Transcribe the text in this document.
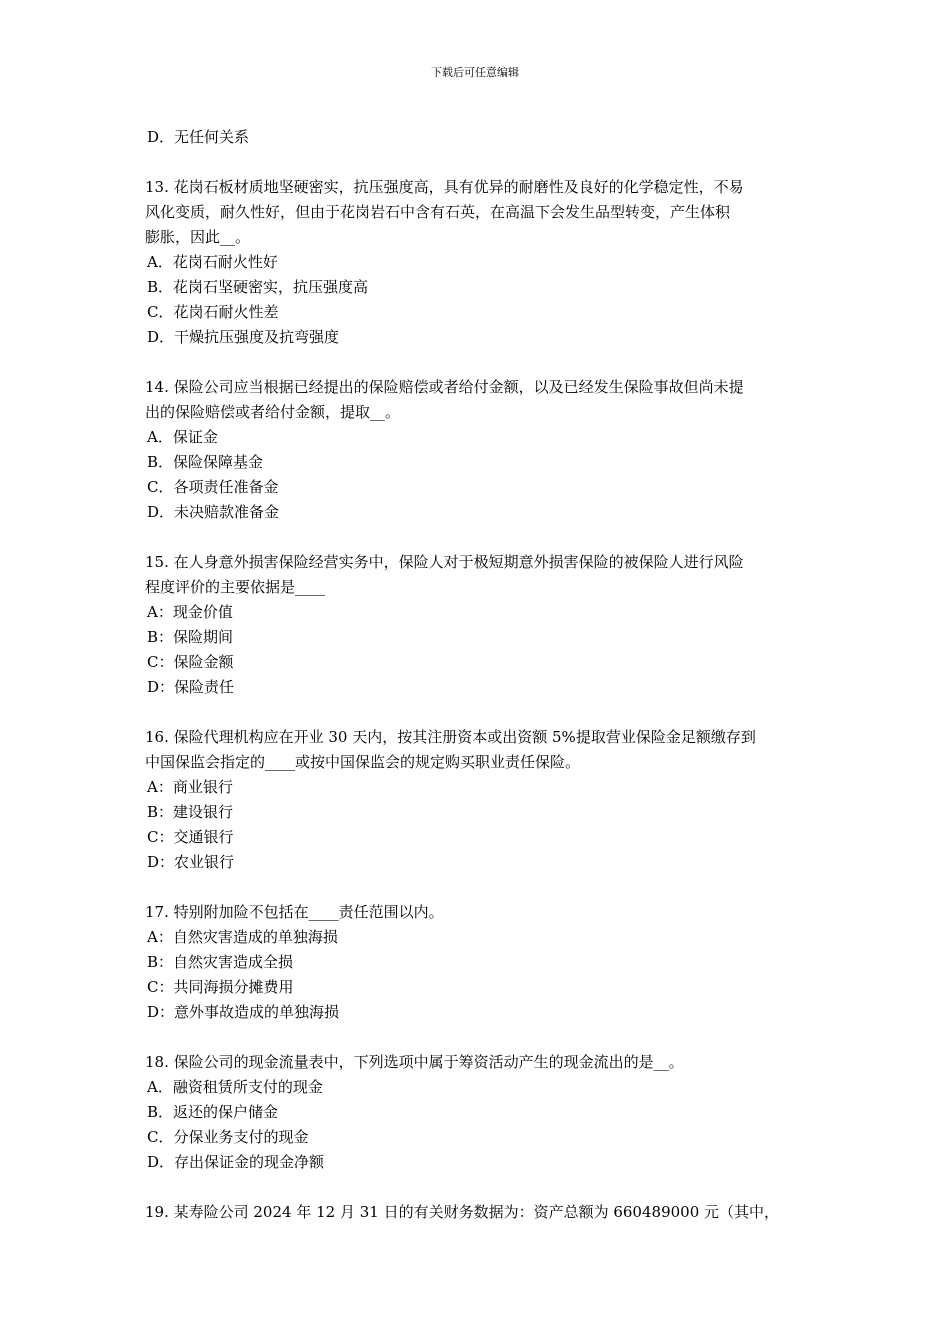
下载后可任意编辑
D．无任何关系
13. 花岗石板材质地坚硬密实，抗压强度高，具有优异的耐磨性及良好的化学稳定性，不易
风化变质，耐久性好，但由于花岗岩石中含有石英，在高温下会发生品型转变，产生体积
膨胀，因此__。
A．花岗石耐火性好
B．花岗石坚硬密实，抗压强度高
C．花岗石耐火性差
D．干燥抗压强度及抗弯强度
14. 保险公司应当根据已经提出的保险赔偿或者给付金额，以及已经发生保险事故但尚未提
出的保险赔偿或者给付金额，提取__。
A．保证金
B．保险保障基金
C．各项责任准备金
D．未决赔款准备金
15. 在人身意外损害保险经营实务中，保险人对于极短期意外损害保险的被保险人进行风险
程度评价的主要依据是____
A：现金价值
B：保险期间
C：保险金额
D：保险责任
16. 保险代理机构应在开业 30 天内，按其注册资本或出资额 5%提取营业保险金足额缴存到
中国保监会指定的____或按中国保监会的规定购买职业责任保险。
A：商业银行
B：建设银行
C：交通银行
D：农业银行
17. 特别附加险不包括在____责任范围以内。
A：自然灾害造成的单独海损
B：自然灾害造成全损
C：共同海损分摊费用
D：意外事故造成的单独海损
18. 保险公司的现金流量表中，下列选项中属于筹资活动产生的现金流出的是__。
A．融资租赁所支付的现金
B．返还的保户储金
C．分保业务支付的现金
D．存出保证金的现金净额
19. 某寿险公司 2024 年 12 月 31 日的有关财务数据为：资产总额为 660489000 元（其中，
